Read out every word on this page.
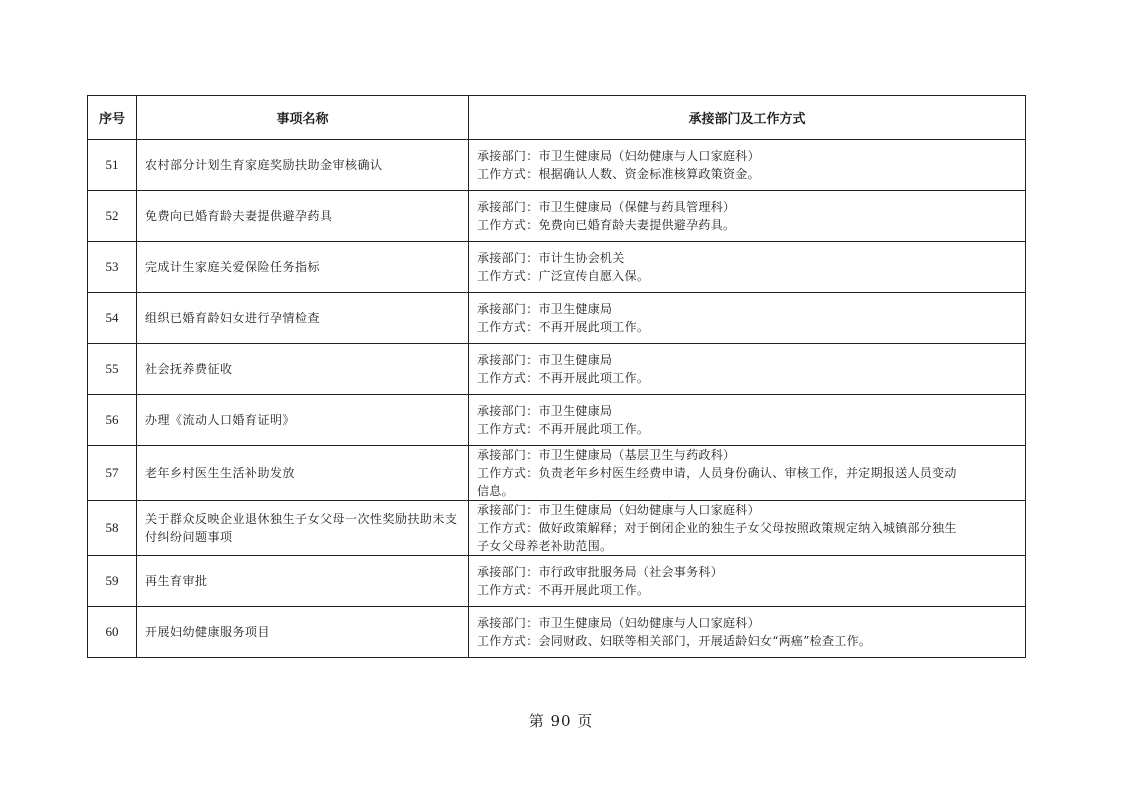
序号	事项名称	承接部门及工作方式
51	农村部分计划生育家庭奖励扶助金审核确认	承接部门：市卫生健康局（妇幼健康与人口家庭科）
工作方式：根据确认人数、资金标准核算政策资金。

52	免费向已婚育龄夫妻提供避孕药具	承接部门：市卫生健康局（保健与药具管理科）
工作方式：免费向已婚育龄夫妻提供避孕药具。

53	完成计生家庭关爱保险任务指标	承接部门：市计生协会机关
工作方式：广泛宣传自愿入保。

54	组织已婚育龄妇女进行孕情检查	承接部门：市卫生健康局
工作方式：不再开展此项工作。

55	社会抚养费征收	承接部门：市卫生健康局
工作方式：不再开展此项工作。

56	办理《流动人口婚育证明》	承接部门：市卫生健康局
工作方式：不再开展此项工作。

57	老年乡村医生生活补助发放	承接部门：市卫生健康局（基层卫生与药政科）
工作方式：负责老年乡村医生经费申请，人员身份确认、审核工作，并定期报送人员变动
信息。

58	关于群众反映企业退休独生子女父母一次性奖励扶助未支付纠纷问题事项	承接部门：市卫生健康局（妇幼健康与人口家庭科）
工作方式：做好政策解释；对于倒闭企业的独生子女父母按照政策规定纳入城镇部分独生
子女父母养老补助范围。

59	再生育审批	承接部门：市行政审批服务局（社会事务科）
工作方式：不再开展此项工作。

60	开展妇幼健康服务项目	承接部门：市卫生健康局（妇幼健康与人口家庭科）
工作方式：会同财政、妇联等相关部门，开展适龄妇女“两癌”检查工作。
第 90 页
